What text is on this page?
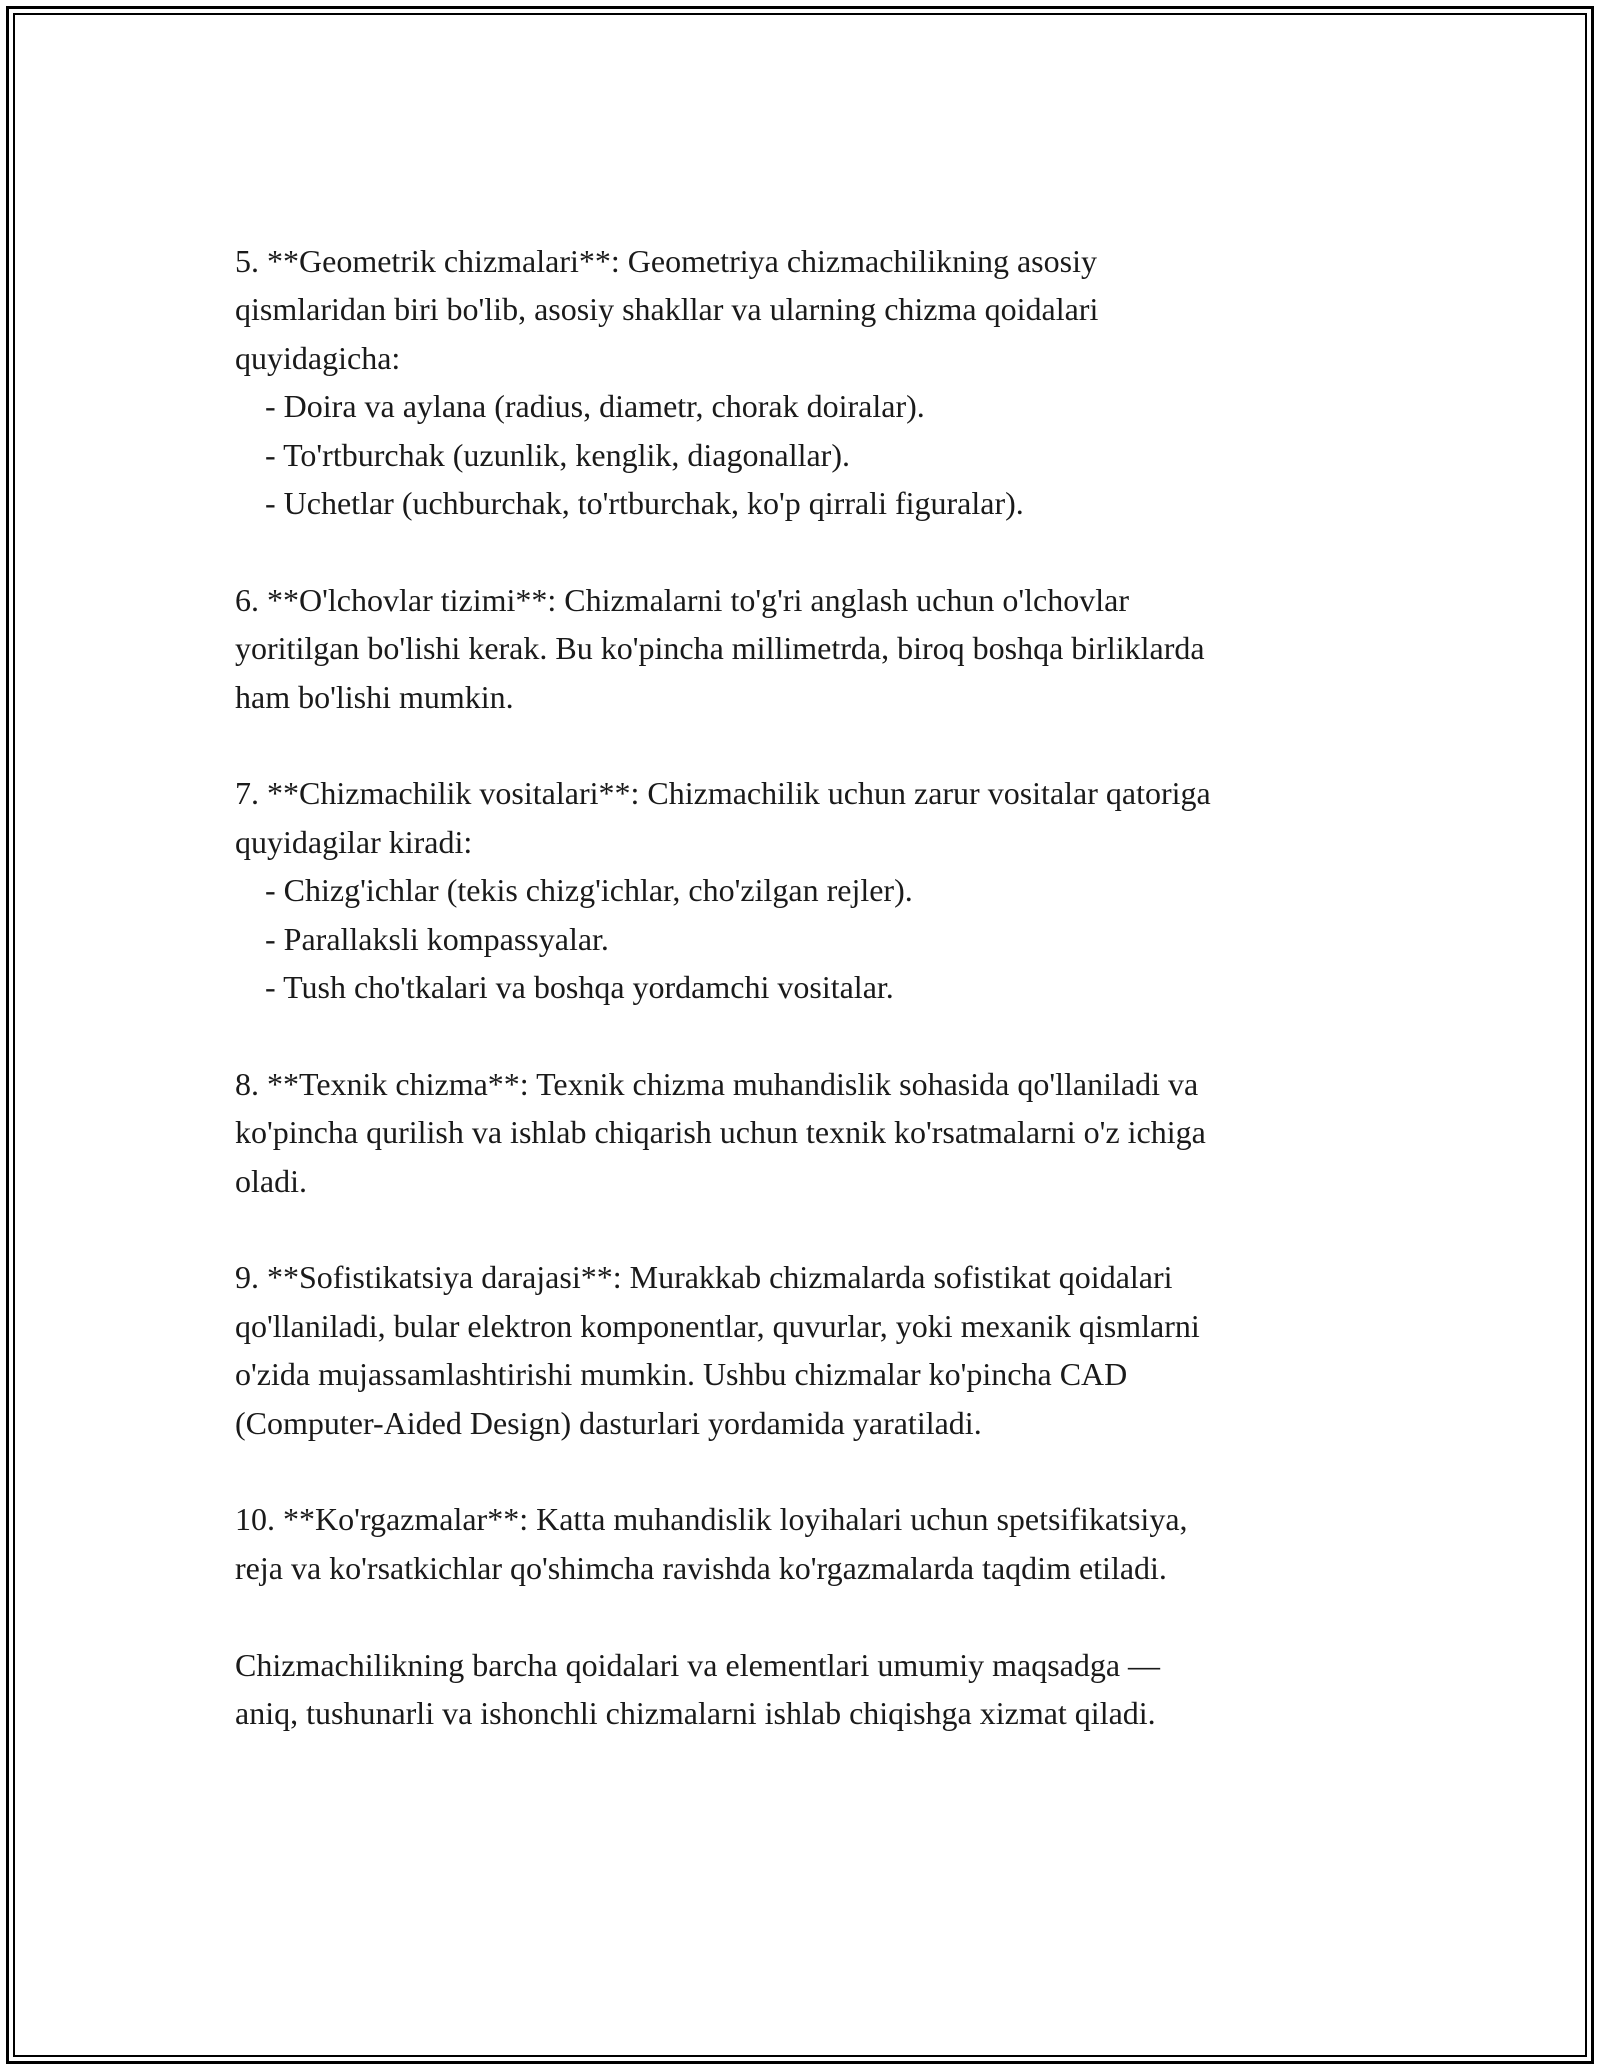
5. **Geometrik chizmalari**: Geometriya chizmachilikning asosiy
qismlaridan biri bo'lib, asosiy shakllar va ularning chizma qoidalari
quyidagicha:
- Doira va aylana (radius, diametr, chorak doiralar).
- To'rtburchak (uzunlik, kenglik, diagonallar).
- Uchetlar (uchburchak, to'rtburchak, ko'p qirrali figuralar).
6. **O'lchovlar tizimi**: Chizmalarni to'g'ri anglash uchun o'lchovlar
yoritilgan bo'lishi kerak. Bu ko'pincha millimetrda, biroq boshqa birliklarda
ham bo'lishi mumkin.
7. **Chizmachilik vositalari**: Chizmachilik uchun zarur vositalar qatoriga
quyidagilar kiradi:
- Chizg'ichlar (tekis chizg'ichlar, cho'zilgan rejler).
- Parallaksli kompassyalar.
- Tush cho'tkalari va boshqa yordamchi vositalar.
8. **Texnik chizma**: Texnik chizma muhandislik sohasida qo'llaniladi va
ko'pincha qurilish va ishlab chiqarish uchun texnik ko'rsatmalarni o'z ichiga
oladi.
9. **Sofistikatsiya darajasi**: Murakkab chizmalarda sofistikat qoidalari
qo'llaniladi, bular elektron komponentlar, quvurlar, yoki mexanik qismlarni
o'zida mujassamlashtirishi mumkin. Ushbu chizmalar ko'pincha CAD
(Computer-Aided Design) dasturlari yordamida yaratiladi.
10. **Ko'rgazmalar**: Katta muhandislik loyihalari uchun spetsifikatsiya,
reja va ko'rsatkichlar qo'shimcha ravishda ko'rgazmalarda taqdim etiladi.
Chizmachilikning barcha qoidalari va elementlari umumiy maqsadga —
aniq, tushunarli va ishonchli chizmalarni ishlab chiqishga xizmat qiladi.
